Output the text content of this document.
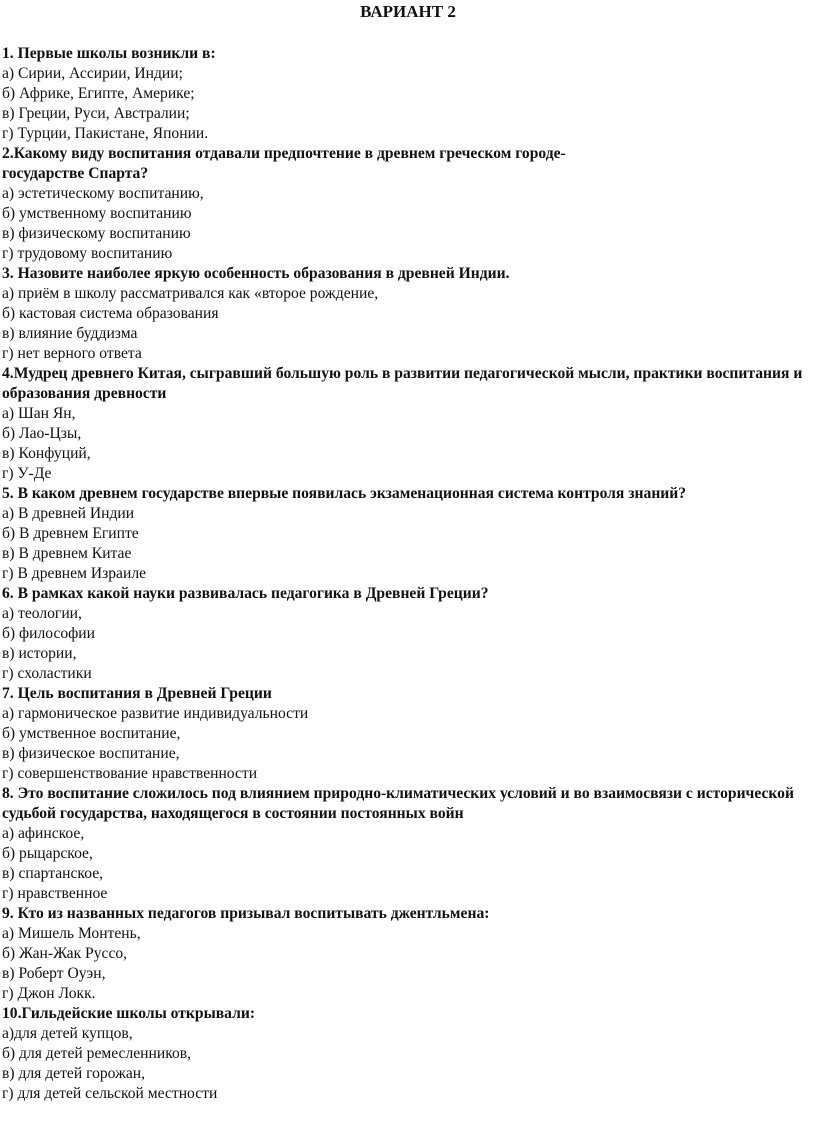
ВАРИАНТ 2

1. Первые школы возникли в:

а) Сирии, Ассирии, Индии;

б) Африке, Египте, Америке;

в) Греции, Руси, Австралии;

г) Турции, Пакистане, Японии.

2.Какому виду воспитания отдавали предпочтение в древнем греческом городе-государстве Спарта?

а) эстетическому воспитанию,

б) умственному воспитанию

в) физическому воспитанию

г) трудовому воспитанию

3. Назовите наиболее яркую особенность образования в древней Индии.

а) приём в школу рассматривался как «второе рождение,

б) кастовая система образования

в) влияние буддизма

г) нет верного ответа

4.Мудрец древнего Китая, сыгравший большую роль в развитии педагогической мысли, практики воспитания и образования древности

а) Шан Ян,

б) Лао-Цзы,

в) Конфуций,

г) У-Де

5. В каком древнем государстве впервые появилась экзаменационная система контроля знаний?

а) В древней Индии

б) В древнем Египте

в) В древнем Китае

г) В древнем Израиле

6. В рамках какой науки развивалась педагогика в Древней Греции?

а) теологии,

б) философии

в) истории,

г) схоластики

7. Цель воспитания в Древней Греции

а) гармоническое развитие индивидуальности

б) умственное воспитание,

в) физическое воспитание,

г) совершенствование нравственности

8. Это воспитание сложилось под влиянием природно-климатических условий и во взаимосвязи с исторической судьбой государства, находящегося в состоянии постоянных войн

а) афинское,

б) рыцарское,

в) спартанское,

г) нравственное

9. Кто из названных педагогов призывал воспитывать джентльмена:

а) Мишель Монтень,

б) Жан-Жак Руссо,

в) Роберт Оуэн,

г) Джон Локк.

10.Гильдейские школы открывали:

а)для детей купцов,

б) для детей ремесленников,

в) для детей горожан,

г) для детей сельской местности
